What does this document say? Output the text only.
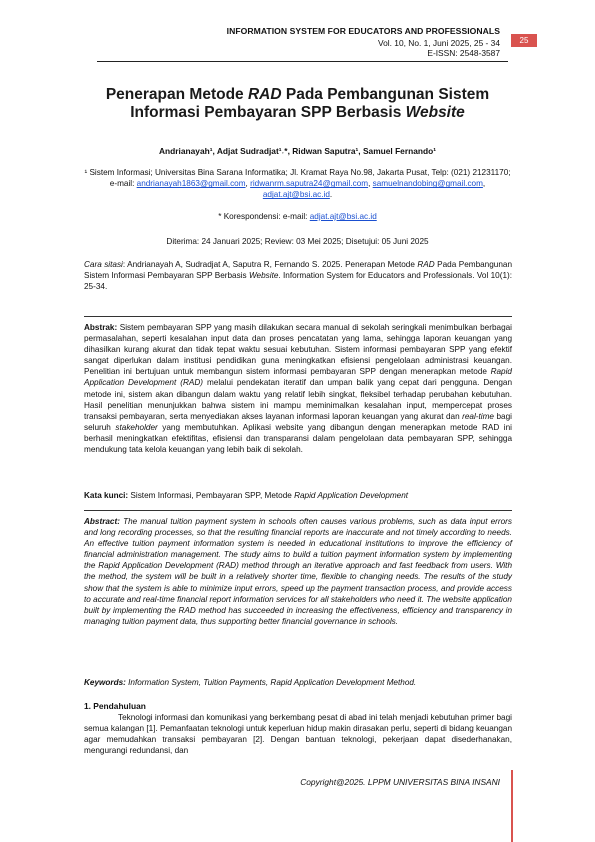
INFORMATION SYSTEM FOR EDUCATORS AND PROFESSIONALS
Vol. 10, No. 1, Juni 2025, 25 - 34
E-ISSN: 2548-3587
25
Penerapan Metode RAD Pada Pembangunan Sistem Informasi Pembayaran SPP Berbasis Website
Andrianayah¹, Adjat Sudradjat¹˒*, Ridwan Saputra¹, Samuel Fernando¹
¹ Sistem Informasi; Universitas Bina Sarana Informatika; Jl. Kramat Raya No.98, Jakarta Pusat, Telp: (021) 21231170; e-mail: andrianayah1863@gmail.com, ridwanrm.saputra24@gmail.com, samuelnandobing@gmail.com, adjat.ajt@bsi.ac.id.
* Korespondensi: e-mail: adjat.ajt@bsi.ac.id
Diterima: 24 Januari 2025; Review: 03 Mei 2025; Disetujui: 05 Juni 2025
Cara sitasi: Andrianayah A, Sudradjat A, Saputra R, Fernando S. 2025. Penerapan Metode RAD Pada Pembangunan Sistem Informasi Pembayaran SPP Berbasis Website. Information System for Educators and Professionals. Vol 10(1): 25-34.
Abstrak: Sistem pembayaran SPP yang masih dilakukan secara manual di sekolah seringkali menimbulkan berbagai permasalahan, seperti kesalahan input data dan proses pencatatan yang lama, sehingga laporan keuangan yang dihasilkan kurang akurat dan tidak tepat waktu sesuai kebutuhan. Sistem informasi pembayaran SPP yang efektif sangat diperlukan dalam institusi pendidikan guna meningkatkan efisiensi pengelolaan administrasi keuangan. Penelitian ini bertujuan untuk membangun sistem informasi pembayaran SPP dengan menerapkan metode Rapid Application Development (RAD) melalui pendekatan iteratif dan umpan balik yang cepat dari pengguna. Dengan metode ini, sistem akan dibangun dalam waktu yang relatif lebih singkat, fleksibel terhadap perubahan kebutuhan. Hasil penelitian menunjukkan bahwa sistem ini mampu meminimalkan kesalahan input, mempercepat proses transaksi pembayaran, serta menyediakan akses layanan informasi laporan keuangan yang akurat dan real-time bagi seluruh stakeholder yang membutuhkan. Aplikasi website yang dibangun dengan menerapkan metode RAD ini berhasil meningkatkan efektifitas, efisiensi dan transparansi dalam pengelolaan data pembayaran SPP, sehingga mendukung tata kelola keuangan yang lebih baik di sekolah.
Kata kunci: Sistem Informasi, Pembayaran SPP, Metode Rapid Application Development
Abstract: The manual tuition payment system in schools often causes various problems, such as data input errors and long recording processes, so that the resulting financial reports are inaccurate and not timely according to needs. An effective tuition payment information system is needed in educational institutions to improve the efficiency of financial administration management. The study aims to build a tuition payment information system by implementing the Rapid Application Development (RAD) method through an iterative approach and fast feedback from users. With the method, the system will be built in a relatively shorter time, flexible to changing needs. The results of the study show that the system is able to minimize input errors, speed up the payment transaction process, and provide access to accurate and real-time financial report information services for all stakeholders who need it. The website application built by implementing the RAD method has succeeded in increasing the effectiveness, efficiency and transparency in managing tuition payment data, thus supporting better financial governance in schools.
Keywords: Information System, Tuition Payments, Rapid Application Development Method.
1. Pendahuluan
Teknologi informasi dan komunikasi yang berkembang pesat di abad ini telah menjadi kebutuhan primer bagi semua kalangan [1]. Pemanfaatan teknologi untuk keperluan hidup makin dirasakan perlu, seperti di bidang keuangan agar memudahkan transaksi pembayaran [2]. Dengan bantuan teknologi, pekerjaan dapat disederhanakan, mengurangi redundansi, dan
Copyright@2025. LPPM UNIVERSITAS BINA INSANI
